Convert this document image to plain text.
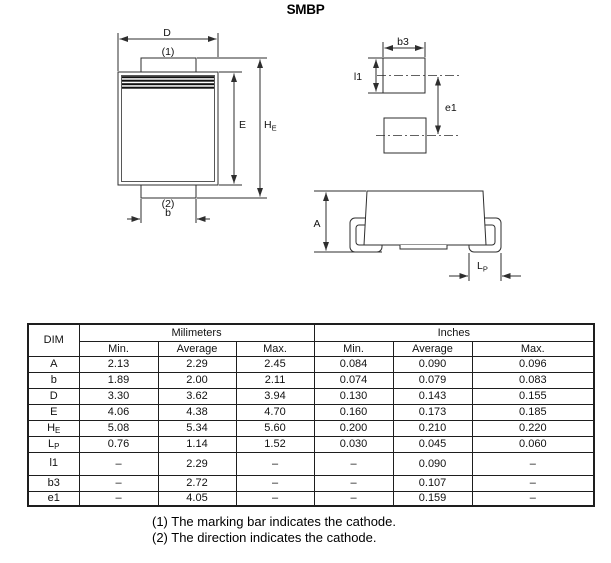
SMBP
D
(1)
E $H_E$
(2)
b
b3
l1
e1
A
$L_P$
DIM	Milimeters			Inches		
	Min.	Average	Max.	Min.	Average	Max.
A	2.13	2.29	2.45	0.084	0.090	0.096
b	1.89	2.00	2.11	0.074	0.079	0.083
D	3.30	3.62	3.94	0.130	0.143	0.155
E	4.06	4.38	4.70	0.160	0.173	0.185
$H_E$	5.08	5.34	5.60	0.200	0.210	0.220
$L_P$	0.76	1.14	1.52	0.030	0.045	0.060
l1	–	2.29	–	–	0.090	–
b3	–	2.72	–	–	0.107	–
e1	–	4.05	–	–	0.159	–
(1) The marking bar indicates the cathode.
(2) The direction indicates the cathode.
